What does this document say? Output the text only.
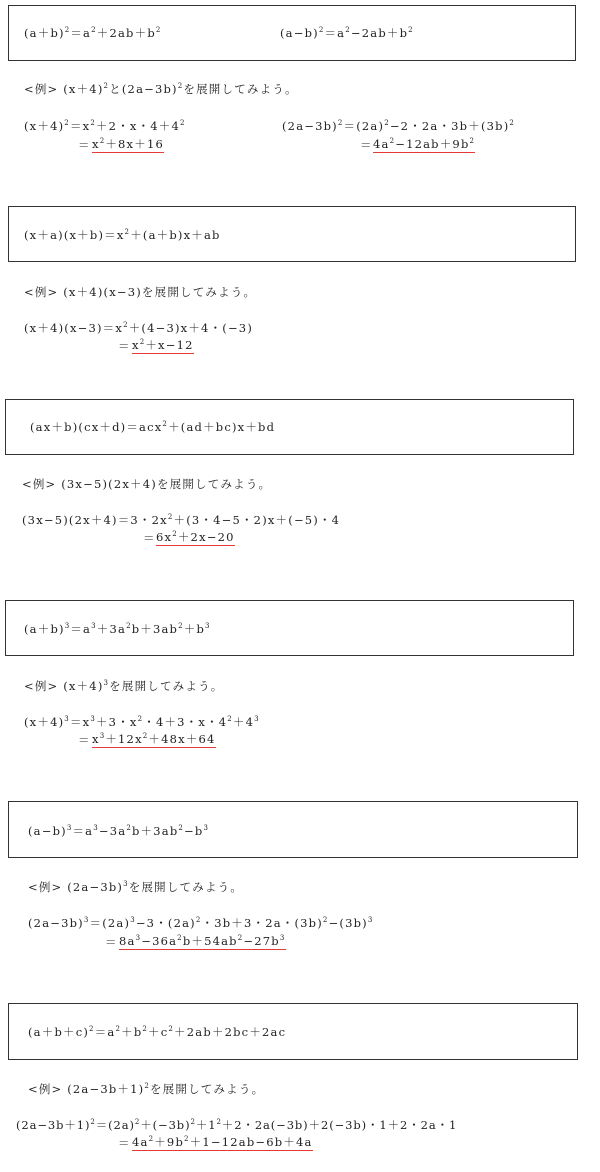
$(a+b)^2=a^2+2ab+b^2$	$(a-b)^2=a^2-2ab+b^2$
<例> $(x+4)^2$と$(2a-3b)^2$を展開してみよう。
$(x+4)^2=x^2+2$・x・$4+4^2$
＝ $x^2+8x+16$
$(2a-3b)^2=(2a)^2-2$・2a・$3b+(3b)^2$
＝ $4a^2-12ab+9b^2$
$(x+a)(x+b)=x^2+(a+b)x+ab$
<例> (x＋4)(x−3)を展開してみよう。
$(x+4)(x-3)=x^2+(4-3)x+4$・(−3)
＝ $x^2+x-12$
(ax＋b)(cx＋d)＝acx$^2$＋(ad＋bc)x＋bd
<例> (3x−5)(2x＋4)を展開してみよう。
(3x−5)(2x＋4)＝3・$2x^2+(3$・4−5・2)x＋(−5)・4
＝ $6x^2+2x-20$
$(a+b)^3=a^3+3a^2b+3ab^2+b^3$
<例> $(x+4)^3$を展開してみよう。
$(x+4)^3=x^3+3$・$x^2$・4＋3・x・$4^2+4^3$
＝ $x^3+12x^2+48x+64$
$(a-b)^3=a^3-3a^2b+3ab^2-b^3$
<例> $(2a-3b)^3$を展開してみよう。
$(2a-3b)^3=(2a)^3-3$・$(2a)^2$・3b＋3・2a・$(3b)^2-(3b)^3$
＝ $8a^3-36a^2b+54ab^2-27b^3$
$(a+b+c)^2=a^2+b^2+c^2+2ab+2bc+2ac$
<例> $(2a-3b+1)^2$を展開してみよう。
$(2a-3b+1)^2=(2a)^2+(-3b)^2+1^2+2$・2a(−3b)＋2(−3b)・1＋2・2a・1
＝ $4a^2+9b^2+1-12ab-6b+4a$
